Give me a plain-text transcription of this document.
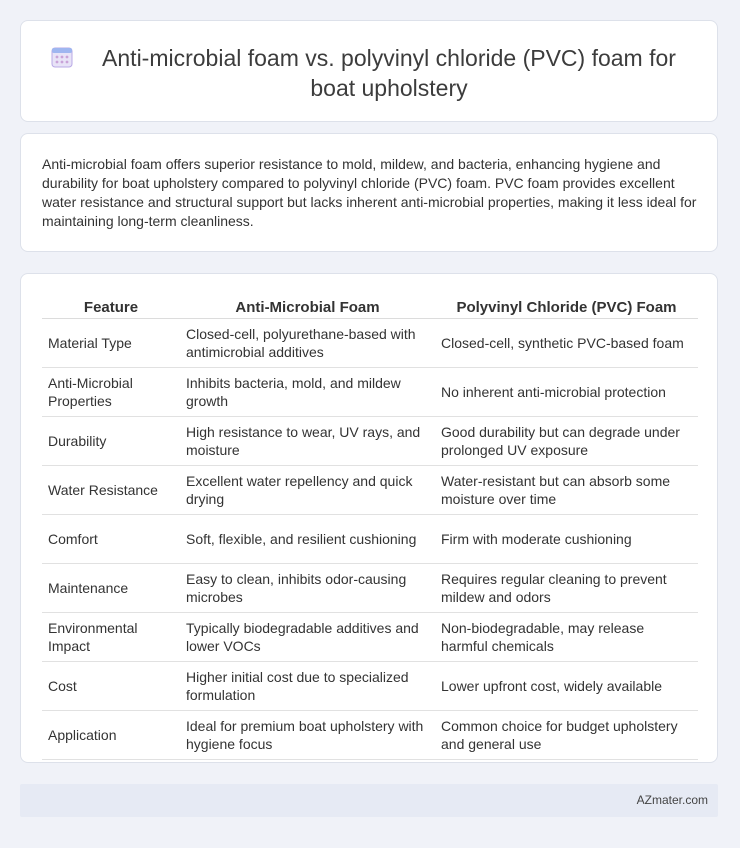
Anti-microbial foam vs. polyvinyl chloride (PVC) foam for boat upholstery
Anti-microbial foam offers superior resistance to mold, mildew, and bacteria, enhancing hygiene and durability for boat upholstery compared to polyvinyl chloride (PVC) foam. PVC foam provides excellent water resistance and structural support but lacks inherent anti-microbial properties, making it less ideal for maintaining long-term cleanliness.
Feature	Anti-Microbial Foam	Polyvinyl Chloride (PVC) Foam
Material Type	Closed-cell, polyurethane-based with antimicrobial additives	Closed-cell, synthetic PVC-based foam
Anti-Microbial Properties	Inhibits bacteria, mold, and mildew growth	No inherent anti-microbial protection
Durability	High resistance to wear, UV rays, and moisture	Good durability but can degrade under prolonged UV exposure
Water Resistance	Excellent water repellency and quick drying	Water-resistant but can absorb some moisture over time
Comfort	Soft, flexible, and resilient cushioning	Firm with moderate cushioning
Maintenance	Easy to clean, inhibits odor-causing microbes	Requires regular cleaning to prevent mildew and odors
Environmental Impact	Typically biodegradable additives and lower VOCs	Non-biodegradable, may release harmful chemicals
Cost	Higher initial cost due to specialized formulation	Lower upfront cost, widely available
Application	Ideal for premium boat upholstery with hygiene focus	Common choice for budget upholstery and general use
AZmater.com
